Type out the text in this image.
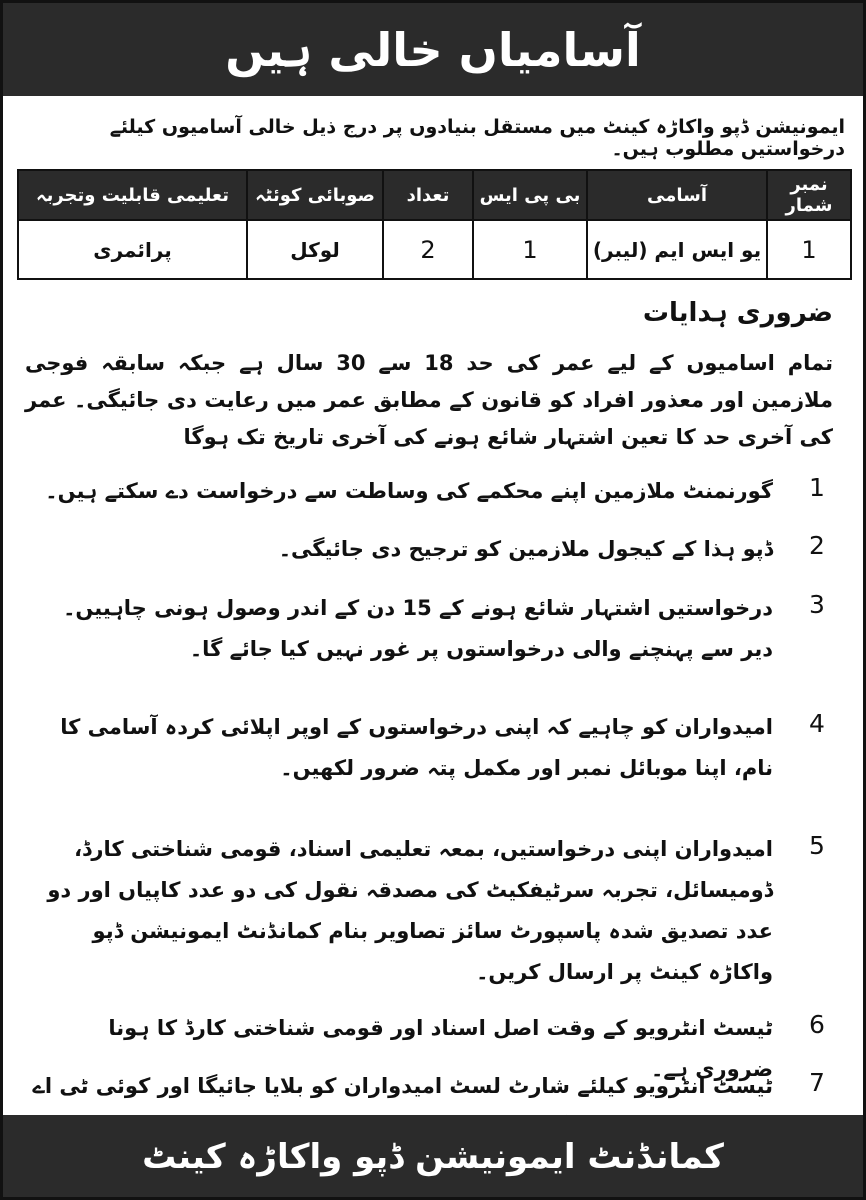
آسامیاں خالی ہیں
ایمونیشن ڈپو واکاڑہ کینٹ میں مستقل بنیادوں پر درج ذیل خالی آسامیوں کیلئے درخواستیں مطلوب ہیں۔
نمبر شمار	آسامی	بی پی ایس	تعداد	صوبائی کوئٹہ	تعلیمی قابلیت وتجربہ
1	یو ایس ایم (لیبر)	1	2	لوکل	پرائمری
ضروری ہدایات
تمام اسامیوں کے لیے عمر کی حد 18 سے 30 سال ہے جبکہ سابقہ فوجی ملازمین اور معذور افراد کو قانون کے مطابق عمر میں رعایت دی جائیگی۔ عمر کی آخری حد کا تعین اشتہار شائع ہونے کی آخری تاریخ تک ہوگا
1
گورنمنٹ ملازمین اپنے محکمے کی وساطت سے درخواست دے سکتے ہیں۔
2
ڈپو ہذا کے کیجول ملازمین کو ترجیح دی جائیگی۔
3
درخواستیں اشتہار شائع ہونے کے 15 دن کے اندر وصول ہونی چاہییں۔ دیر سے پہنچنے والی درخواستوں پر غور نہیں کیا جائے گا۔
4
امیدواران کو چاہیے کہ اپنی درخواستوں کے اوپر اپلائی کردہ آسامی کا نام، اپنا موبائل نمبر اور مکمل پتہ ضرور لکھیں۔
5
امیدواران اپنی درخواستیں، بمعہ تعلیمی اسناد، قومی شناختی کارڈ، ڈومیسائل، تجربہ سرٹیفکیٹ کی مصدقہ نقول کی دو عدد کاپیاں اور دو عدد تصدیق شدہ پاسپورٹ سائز تصاویر بنام کمانڈنٹ ایمونیشن ڈپو واکاڑہ کینٹ پر ارسال کریں۔
6
ٹیسٹ انٹرویو کے وقت اصل اسناد اور قومی شناختی کارڈ کا ہونا ضروری ہے۔	7
ٹیسٹ انٹرویو کیلئے شارٹ لسٹ امیدواران کو بلایا جائیگا اور کوئی ٹی اے
کمانڈنٹ ایمونیشن ڈپو واکاڑہ کینٹ
